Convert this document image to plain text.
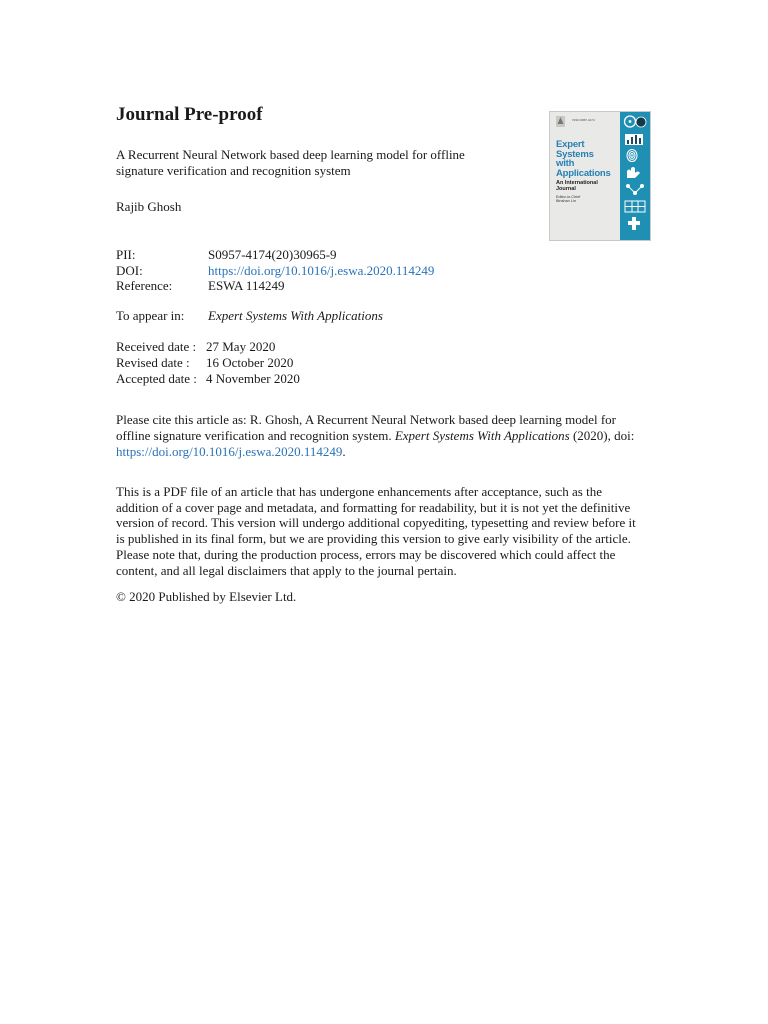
Journal Pre-proof
A Recurrent Neural Network based deep learning model for offline
signature verification and recognition system
Rajib Ghosh
ISSN 0957-4174
Expert
Systems
with
Applications
An International
Journal
Editor-in-Chief
Binshan Lin
PII:	S0957-4174(20)30965-9
DOI:	https://doi.org/10.1016/j.eswa.2020.114249
Reference:	ESWA 114249
To appear in: Expert Systems With Applications
Received date : 27 May 2020
Revised date : 16 October 2020
Accepted date : 4 November 2020
Please cite this article as: R. Ghosh, A Recurrent Neural Network based deep learning model for
offline signature verification and recognition system. Expert Systems With Applications (2020), doi:
https://doi.org/10.1016/j.eswa.2020.114249.
This is a PDF file of an article that has undergone enhancements after acceptance, such as the
addition of a cover page and metadata, and formatting for readability, but it is not yet the definitive
version of record. This version will undergo additional copyediting, typesetting and review before it
is published in its final form, but we are providing this version to give early visibility of the article.
Please note that, during the production process, errors may be discovered which could affect the
content, and all legal disclaimers that apply to the journal pertain.
© 2020 Published by Elsevier Ltd.
